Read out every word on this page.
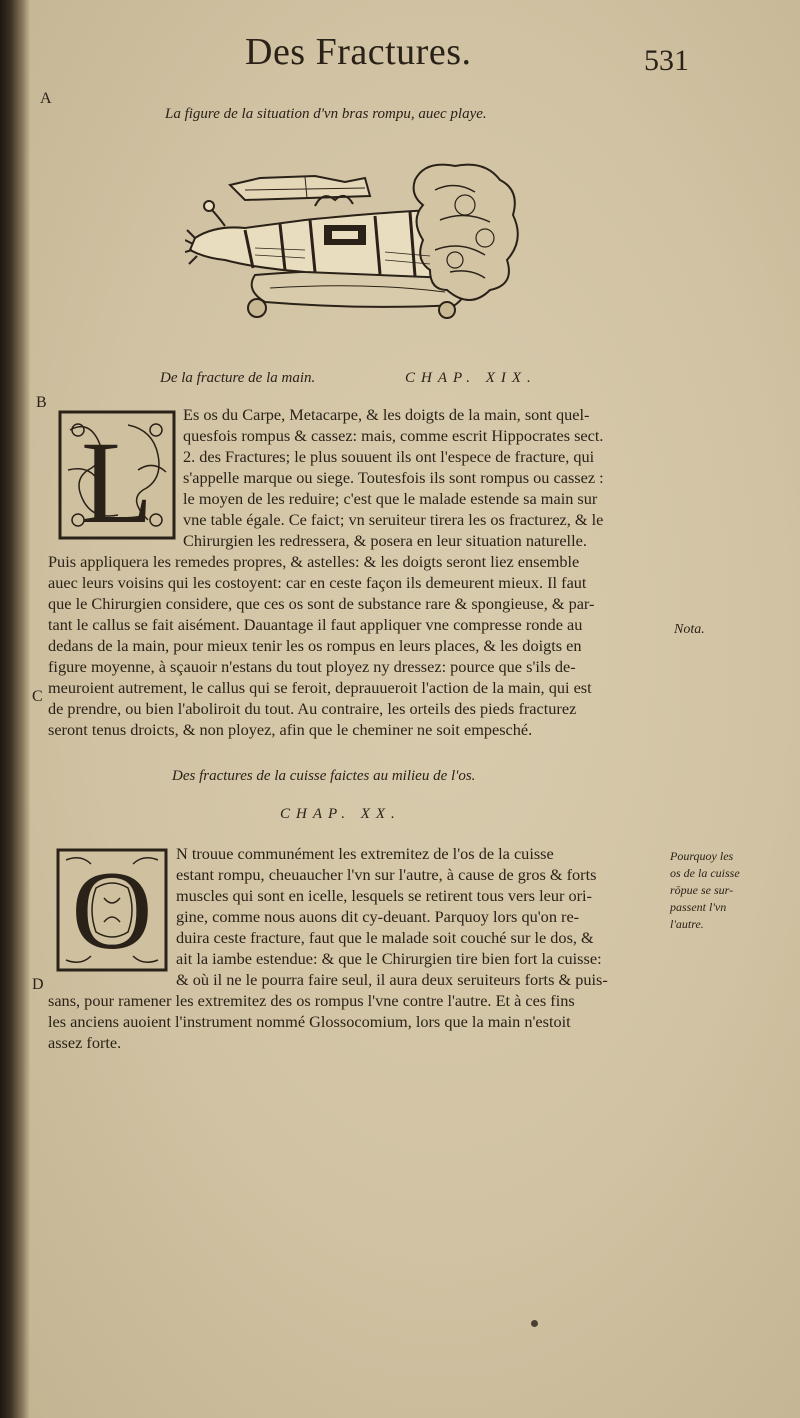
Des Fractures.	531
A
B
C
D
La figure de la situation d'vn bras rompu, auec playe.
De la fracture de la main.	CHAP. XIX.
L
Es os du Carpe, Metacarpe, & les doigts de la main, sont quel-
quesfois rompus & cassez: mais, comme escrit Hippocrates sect.
2. des Fractures; le plus souuent ils ont l'espece de fracture, qui
s'appelle marque ou siege. Toutesfois ils sont rompus ou cassez :
le moyen de les reduire; c'est que le malade estende sa main sur
vne table égale. Ce faict; vn seruiteur tirera les os fracturez, & le
Chirurgien les redressera, & posera en leur situation naturelle.
Puis appliquera les remedes propres, & astelles: & les doigts seront liez ensemble
auec leurs voisins qui les costoyent: car en ceste façon ils demeurent mieux. Il faut
que le Chirurgien considere, que ces os sont de substance rare & spongieuse, & par-
tant le callus se fait aisément. Dauantage il faut appliquer vne compresse ronde au
dedans de la main, pour mieux tenir les os rompus en leurs places, & les doigts en
figure moyenne, à sçauoir n'estans du tout ployez ny dressez: pource que s'ils de-
meuroient autrement, le callus qui se feroit, deprauueroit l'action de la main, qui est
de prendre, ou bien l'aboliroit du tout. Au contraire, les orteils des pieds fracturez
seront tenus droicts, & non ployez, afin que le cheminer ne soit empesché.
Nota.
Des fractures de la cuisse faictes au milieu de l'os.
CHAP. XX.
O N trouue communément les extremitez de l'os de la cuisse
estant rompu, cheuaucher l'vn sur l'autre, à cause de gros & forts
muscles qui sont en icelle, lesquels se retirent tous vers leur ori-
gine, comme nous auons dit cy-deuant. Parquoy lors qu'on re-
duira ceste fracture, faut que le malade soit couché sur le dos, &
ait la iambe estendue: & que le Chirurgien tire bien fort la cuisse:
& où il ne le pourra faire seul, il aura deux seruiteurs forts & puis-
sans, pour ramener les extremitez des os rompus l'vne contre l'autre. Et à ces fins
les anciens auoient l'instrument nommé Glossocomium, lors que la main n'estoit
assez forte.
Pourquoy les
os de la cuisse
rōpue se sur-
passent l'vn
l'autre.
